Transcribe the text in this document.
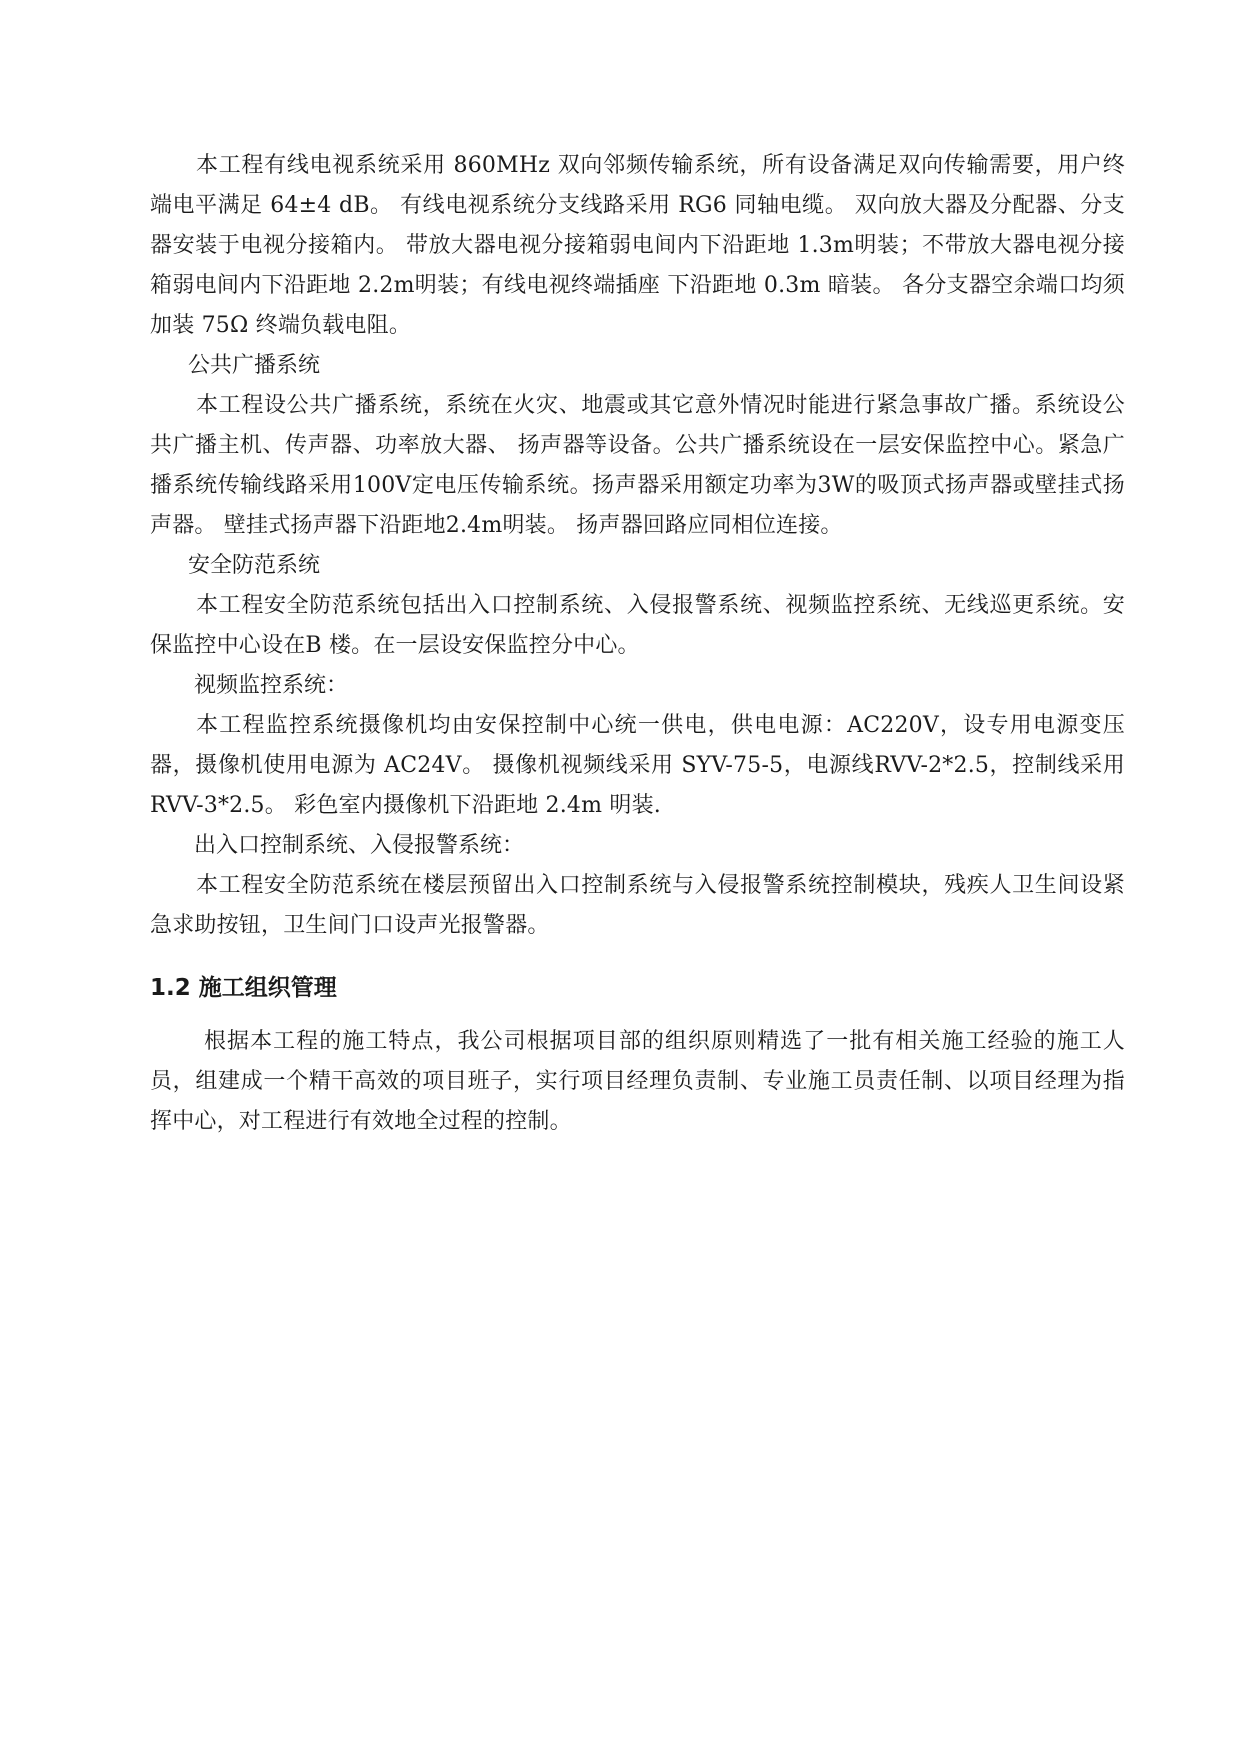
本工程有线电视系统采用 860MHz 双向邻频传输系统，所有设备满足双向传输需要，用户终端电平满足 64±4 dB。 有线电视系统分支线路采用 RG6 同轴电缆。 双向放大器及分配器、分支器安装于电视分接箱内。 带放大器电视分接箱弱电间内下沿距地 1.3m明装；不带放大器电视分接箱弱电间内下沿距地 2.2m明装；有线电视终端插座 下沿距地 0.3m 暗装。 各分支器空余端口均须加装 75Ω 终端负载电阻。

公共广播系统

本工程设公共广播系统，系统在火灾、地震或其它意外情况时能进行紧急事故广播。系统设公共广播主机、传声器、功率放大器、 扬声器等设备。公共广播系统设在一层安保监控中心。紧急广播系统传输线路采用100V定电压传输系统。扬声器采用额定功率为3W的吸顶式扬声器或壁挂式扬声器。 壁挂式扬声器下沿距地2.4m明装。 扬声器回路应同相位连接。

安全防范系统

本工程安全防范系统包括出入口控制系统、入侵报警系统、视频监控系统、无线巡更系统。安保监控中心设在B 楼。在一层设安保监控分中心。

视频监控系统：

本工程监控系统摄像机均由安保控制中心统一供电，供电电源：AC220V，设专用电源变压器，摄像机使用电源为 AC24V。 摄像机视频线采用 SYV-75-5，电源线RVV-2*2.5，控制线采用 RVV-3*2.5。 彩色室内摄像机下沿距地 2.4m 明装.

出入口控制系统、入侵报警系统：

本工程安全防范系统在楼层预留出入口控制系统与入侵报警系统控制模块，残疾人卫生间设紧急求助按钮，卫生间门口设声光报警器。

1.2 施工组织管理

根据本工程的施工特点，我公司根据项目部的组织原则精选了一批有相关施工经验的施工人员，组建成一个精干高效的项目班子，实行项目经理负责制、专业施工员责任制、以项目经理为指挥中心，对工程进行有效地全过程的控制。
